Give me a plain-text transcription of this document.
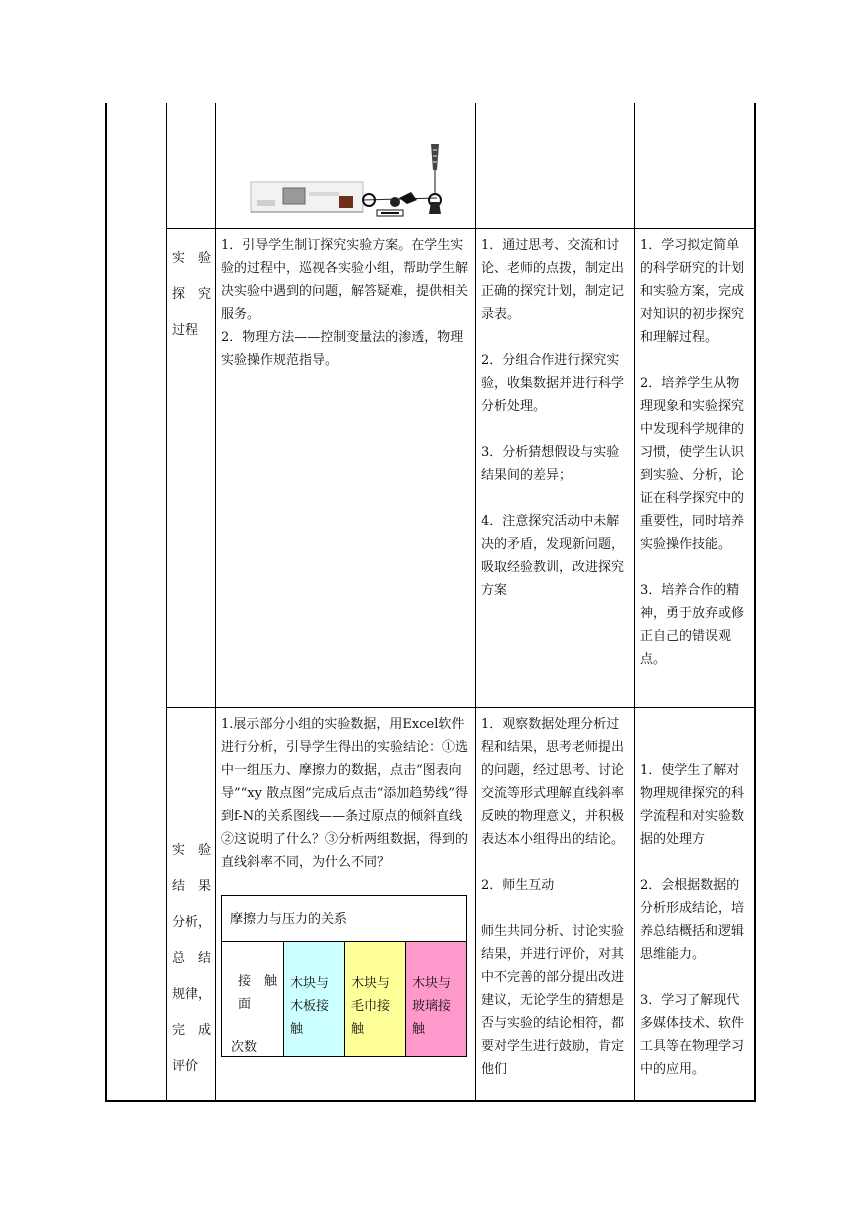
实　验

探　究

过程

1．引导学生制订探究实验方案。在学生实验的过程中，巡视各实验小组，帮助学生解决实验中遇到的问题，解答疑难，提供相关服务。

2．物理方法——控制变量法的渗透，物理实验操作规范指导。

1．通过思考、交流和讨论、老师的点拨，制定出正确的探究计划，制定记录表。

2．分组合作进行探究实验，收集数据并进行科学分析处理。

3．分析猜想假设与实验结果间的差异；

4．注意探究活动中未解决的矛盾，发现新问题，吸取经验教训，改进探究方案

1．学习拟定简单的科学研究的计划和实验方案，完成对知识的初步探究和理解过程。

2．培养学生从物理现象和实验探究中发现科学规律的习惯，使学生认识到实验、分析，论证在科学探究中的重要性，同时培养实验操作技能。

3．培养合作的精神，勇于放弃或修正自己的错误观点。

实　验

结　果

分析，

总　结

规律，

完　成

评价

1.展示部分小组的实验数据，用Excel软件进行分析，引导学生得出的实验结论：①选中一组压力、摩擦力的数据，点击“图表向导”“xy 散点图”完成后点击“添加趋势线”得到f-N的关系图线——条过原点的倾斜直线②这说明了什么？③分析两组数据，得到的直线斜率不同，为什么不同？

摩擦力与压力的关系
接　触面
次数
木块与木板接触
木块与毛巾接触
木块与玻璃接触

1．观察数据处理分析过程和结果，思考老师提出的问题，经过思考、讨论交流等形式理解直线斜率反映的物理意义，并积极表达本小组得出的结论。

2．师生互动

师生共同分析、讨论实验结果，并进行评价，对其中不完善的部分提出改进建议，无论学生的猜想是否与实验的结论相符，都要对学生进行鼓励，肯定他们

1．使学生了解对物理规律探究的科学流程和对实验数据的处理方

2．会根据数据的分析形成结论，培养总结概括和逻辑思维能力。

3．学习了解现代多媒体技术、软件工具等在物理学习中的应用。
